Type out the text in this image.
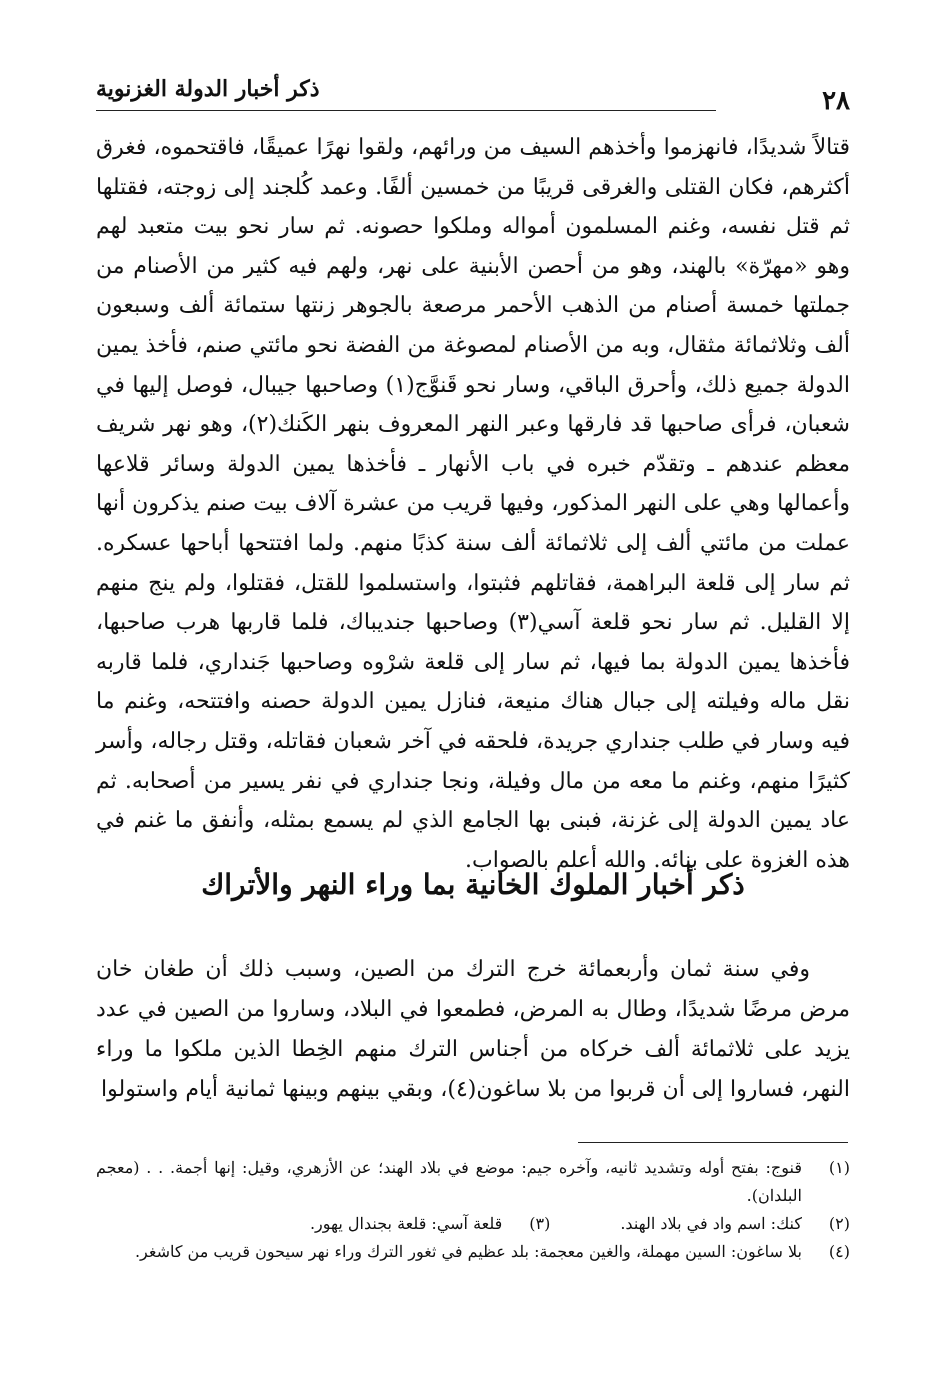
ذكر أخبار الدولة الغزنوية	٢٨

قتالاً شديدًا، فانهزموا وأخذهم السيف من ورائهم، ولقوا نهرًا عميقًا، فاقتحموه، فغرق أكثرهم، فكان القتلى والغرقى قريبًا من خمسين ألفًا. وعمد كُلجند إلى زوجته، فقتلها ثم قتل نفسه، وغنم المسلمون أمواله وملكوا حصونه. ثم سار نحو بيت متعبد لهم وهو «مهرّة» بالهند، وهو من أحصن الأبنية على نهر، ولهم فيه كثير من الأصنام من جملتها خمسة أصنام من الذهب الأحمر مرصعة بالجوهر زنتها ستمائة ألف وسبعون ألف وثلاثمائة مثقال، وبه من الأصنام لمصوغة من الفضة نحو مائتي صنم، فأخذ يمين الدولة جميع ذلك، وأحرق الباقي، وسار نحو قَنوَّج(١) وصاحبها جيبال، فوصل إليها في شعبان، فرأى صاحبها قد فارقها وعبر النهر المعروف بنهر الكَنك(٢)، وهو نهر شريف معظم عندهم ـ وتقدّم خبره في باب الأنهار ـ فأخذها يمين الدولة وسائر قلاعها وأعمالها وهي على النهر المذكور، وفيها قريب من عشرة آلاف بيت صنم يذكرون أنها عملت من مائتي ألف إلى ثلاثمائة ألف سنة كذبًا منهم. ولما افتتحها أباحها عسكره. ثم سار إلى قلعة البراهمة، فقاتلهم فثبتوا، واستسلموا للقتل، فقتلوا، ولم ينج منهم إلا القليل. ثم سار نحو قلعة آسي(٣) وصاحبها جنديباك، فلما قاربها هرب صاحبها، فأخذها يمين الدولة بما فيها، ثم سار إلى قلعة شرْوه وصاحبها جَنداري، فلما قاربه نقل ماله وفيلته إلى جبال هناك منيعة، فنازل يمين الدولة حصنه وافتتحه، وغنم ما فيه وسار في طلب جنداري جريدة، فلحقه في آخر شعبان فقاتله، وقتل رجاله، وأسر كثيرًا منهم، وغنم ما معه من مال وفيلة، ونجا جنداري في نفر يسير من أصحابه. ثم عاد يمين الدولة إلى غزنة، فبنى بها الجامع الذي لم يسمع بمثله، وأنفق ما غنم في هذه الغزوة على بنائه. والله أعلم بالصواب.

ذكر أخبار الملوك الخانية بما وراء النهر والأتراك

وفي سنة ثمان وأربعمائة خرج الترك من الصين، وسبب ذلك أن طغان خان مرض مرضًا شديدًا، وطال به المرض، فطمعوا في البلاد، وساروا من الصين في عدد يزيد على ثلاثمائة ألف خركاه من أجناس الترك منهم الخِطا الذين ملكوا ما وراء النهر، فساروا إلى أن قربوا من بلا ساغون(٤)، وبقي بينهم وبينها ثمانية أيام واستولوا

(١)
قنوج: بفتح أوله وتشديد ثانيه، وآخره جيم: موضع في بلاد الهند؛ عن الأزهري، وقيل: إنها أجمة. . . (معجم البلدان).
(٢)
كنك: اسم واد في بلاد الهند.
(٣)
قلعة آسي: قلعة بجندال يهور.
(٤)
بلا ساغون: السين مهملة، والغين معجمة: بلد عظيم في ثغور الترك وراء نهر سيحون قريب من كاشغر.
